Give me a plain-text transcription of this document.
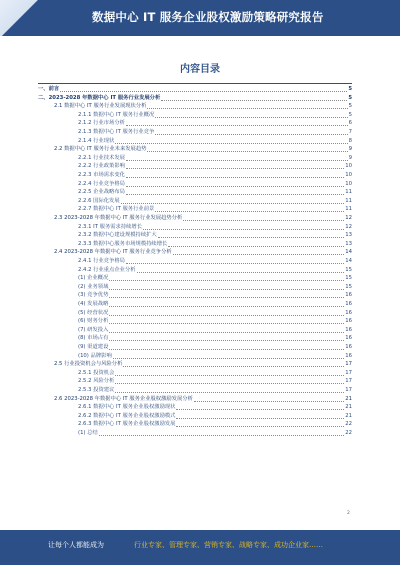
数据中心 IT 服务企业股权激励策略研究报告
内容目录
一、前言	5
二、2023-2028 年数据中心 IT 服务行业发展分析	5
2.1 数据中心 IT 服务行业发展现状分析	5
2.1.1 数据中心 IT 服务行业概况	5
2.1.2 行业市场分析	6
2.1.3 数据中心 IT 服务行业竞争	7
2.1.4 行业现状	8
2.2 数据中心 IT 服务行业未来发展趋势	9
2.2.1 行业技术发展	9
2.2.2 行业政策影响	10
2.2.3 市场需求变化	10
2.2.4 行业竞争格局	10
2.2.5 企业战略布局	11
2.2.6 国际化发展	11
2.2.7 数据中心 IT 服务行业前景	11
2.3 2023-2028 年数据中心 IT 服务行业发展趋势分析	12
2.3.1 IT 服务需求持续增长	12
2.3.2 数据中心建设规模持续扩大	13
2.3.3 数据中心服务市场规模持续增长	13
2.4 2023-2028 年数据中心 IT 服务行业竞争分析	14
2.4.1 行业竞争格局	14
2.4.2 行业重点企业分析	15
(1) 企业概况	15
(2) 业务领域	15
(3) 竞争优势	16
(4) 发展战略	16
(5) 经营状况	16
(6) 财务分析	16
(7) 研发投入	16
(8) 市场占有	16
(9) 渠道建设	16
(10) 品牌影响	16
2.5 行业投资机会与风险分析	17
2.5.1 投资机会	17
2.5.2 风险分析	17
2.5.3 投资建议	17
2.6 2023-2028 年数据中心 IT 服务企业股权激励发展分析	21
2.6.1 数据中心 IT 服务企业股权激励现状	21
2.6.2 数据中心 IT 服务企业股权激励模式	21
2.6.3 数据中心 IT 服务企业股权激励发展	22
(1) 总结	22
2
让每个人都能成为	行业专家、管理专家、营销专家、战略专家、成功企业家……
